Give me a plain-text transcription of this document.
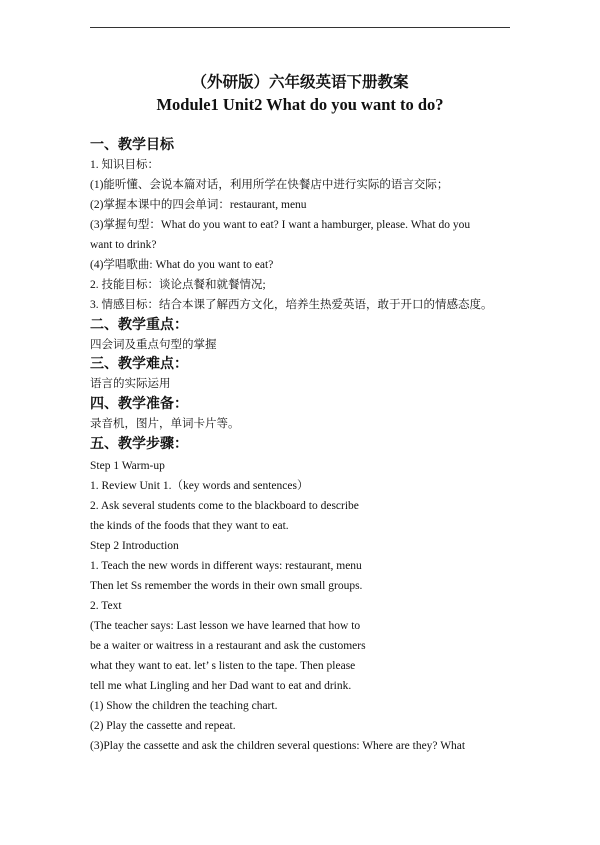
（外研版）六年级英语下册教案
Module1 Unit2 What do you want to do?
一、教学目标
1. 知识目标：
(1)能听懂、会说本篇对话，利用所学在快餐店中进行实际的语言交际；
(2)掌握本课中的四会单词：restaurant, menu
(3)掌握句型：What do you want to eat? I want a hamburger, please. What do you
want to drink?
(4)学唱歌曲: What do you want to eat?
2. 技能目标：谈论点餐和就餐情况;
3. 情感目标：结合本课了解西方文化，培养生热爱英语，敢于开口的情感态度。
二、教学重点：
四会词及重点句型的掌握
三、教学难点：
语言的实际运用
四、教学准备：
录音机，图片，单词卡片等。
五、教学步骤：
Step 1 Warm-up
1. Review Unit 1.（key words and sentences）
2. Ask several students come to the blackboard to describe
the kinds of the foods that they want to eat.
Step 2 Introduction
1. Teach the new words in different ways: restaurant, menu
Then let Ss remember the words in their own small groups.
2. Text
(The teacher says: Last lesson we have learned that how to
be a waiter or waitress in a restaurant and ask the customers
what they want to eat. let’ s listen to the tape. Then please
tell me what Lingling and her Dad want to eat and drink.
(1) Show the children the teaching chart.
(2) Play the cassette and repeat.
(3)Play the cassette and ask the children several questions: Where are they? What
